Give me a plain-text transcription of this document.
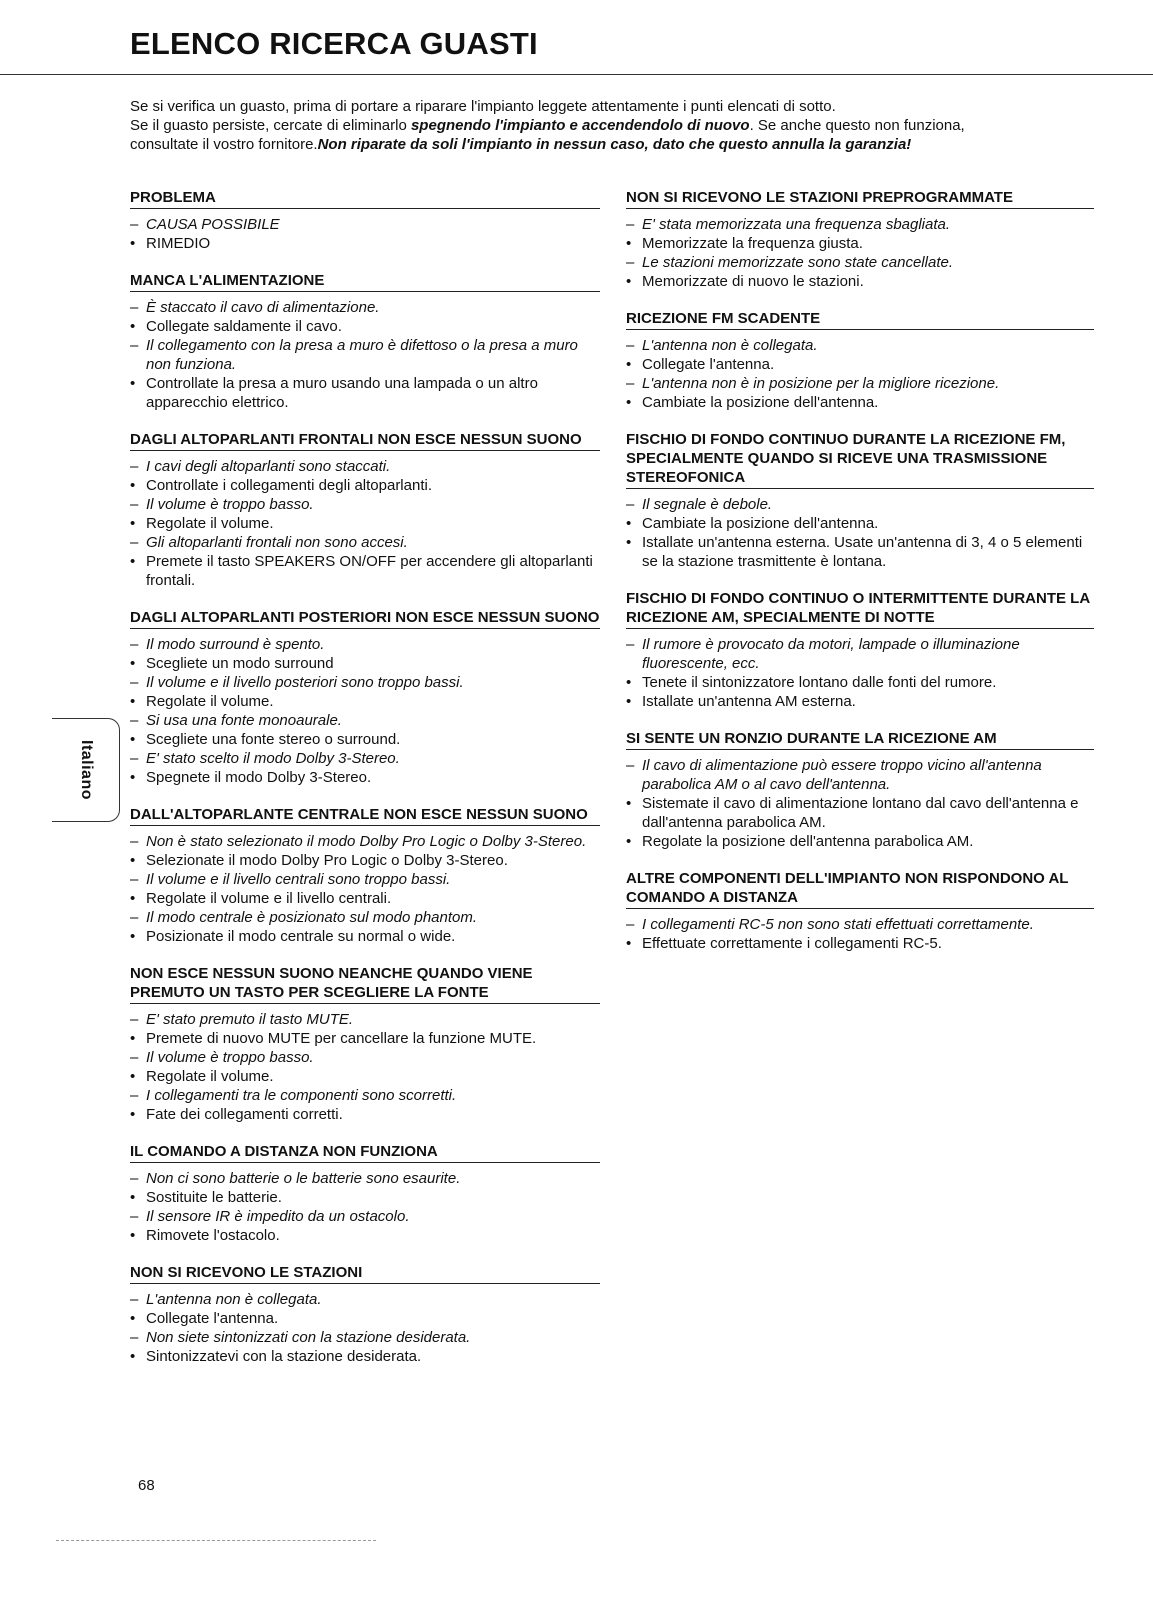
ELENCO RICERCA GUASTI

Se si verifica un guasto, prima di portare a riparare l'impianto leggete attentamente i punti elencati di sotto.

Se il guasto persiste, cercate di eliminarlo spegnendo l'impianto e accendendolo di nuovo. Se anche questo non funziona,

consultate il vostro fornitore.Non riparate da soli l'impianto in nessun caso, dato che questo annulla la garanzia!

PROBLEMA
– CAUSA POSSIBILE
• RIMEDIO
MANCA L'ALIMENTAZIONE
– È staccato il cavo di alimentazione.
• Collegate saldamente il cavo.
– Il collegamento con la presa a muro è difettoso o la presa a muro non funziona.
• Controllate la presa a muro usando una lampada o un altro apparecchio elettrico.
DAGLI ALTOPARLANTI FRONTALI NON ESCE NESSUN SUONO
– I cavi degli altoparlanti sono staccati.
• Controllate i collegamenti degli altoparlanti.
– Il volume è troppo basso.
• Regolate il volume.
– Gli altoparlanti frontali non sono accesi.
• Premete il tasto SPEAKERS ON/OFF per accendere gli altoparlanti frontali.
DAGLI ALTOPARLANTI POSTERIORI NON ESCE NESSUN SUONO
– Il modo surround è spento.
• Scegliete un modo surround
– Il volume e il livello posteriori sono troppo bassi.
• Regolate il volume.
– Si usa una fonte monoaurale.
• Scegliete una fonte stereo o surround.
– E' stato scelto il modo Dolby 3-Stereo.
• Spegnete il modo Dolby 3-Stereo.
DALL'ALTOPARLANTE CENTRALE NON ESCE NESSUN SUONO
– Non è stato selezionato il modo Dolby Pro Logic o Dolby 3-Stereo.
• Selezionate il modo Dolby Pro Logic o Dolby 3-Stereo.
– Il volume e il livello centrali sono troppo bassi.
• Regolate il volume e il livello centrali.
– Il modo centrale è posizionato sul modo phantom.
• Posizionate il modo centrale su normal o wide.
NON ESCE NESSUN SUONO NEANCHE QUANDO VIENE PREMUTO UN TASTO PER SCEGLIERE LA FONTE
– E' stato premuto il tasto MUTE.
• Premete di nuovo MUTE per cancellare la funzione MUTE.
– Il volume è troppo basso.
• Regolate il volume.
– I collegamenti tra le componenti sono scorretti.
• Fate dei collegamenti corretti.
IL COMANDO A DISTANZA NON FUNZIONA
– Non ci sono batterie o le batterie sono esaurite.
• Sostituite le batterie.
– Il sensore IR è impedito da un ostacolo.
• Rimovete l'ostacolo.
NON SI RICEVONO LE STAZIONI
– L'antenna non è collegata.
• Collegate l'antenna.
– Non siete sintonizzati con la stazione desiderata.
• Sintonizzatevi con la stazione desiderata.
NON SI RICEVONO LE STAZIONI PREPROGRAMMATE
– E' stata memorizzata una frequenza sbagliata.
• Memorizzate la frequenza giusta.
– Le stazioni memorizzate sono state cancellate.
• Memorizzate di nuovo le stazioni.
RICEZIONE FM SCADENTE
– L'antenna non è collegata.
• Collegate l'antenna.
– L'antenna non è in posizione per la migliore ricezione.
• Cambiate la posizione dell'antenna.
FISCHIO DI FONDO CONTINUO DURANTE LA RICEZIONE FM, SPECIALMENTE QUANDO SI RICEVE UNA TRASMISSIONE STEREOFONICA
– Il segnale è debole.
• Cambiate la posizione dell'antenna.
• Istallate un'antenna esterna. Usate un'antenna di 3, 4 o 5 elementi se la stazione trasmittente è lontana.
FISCHIO DI FONDO CONTINUO O INTERMITTENTE DURANTE LA RICEZIONE AM, SPECIALMENTE DI NOTTE
– Il rumore è provocato da motori, lampade o illuminazione fluorescente, ecc.
• Tenete il sintonizzatore lontano dalle fonti del rumore.
• Istallate un'antenna AM esterna.
SI SENTE UN RONZIO DURANTE LA RICEZIONE AM
– Il cavo di alimentazione può essere troppo vicino all'antenna parabolica AM o al cavo dell'antenna.
• Sistemate il cavo di alimentazione lontano dal cavo dell'antenna e dall'antenna parabolica AM.
• Regolate la posizione dell'antenna parabolica AM.
ALTRE COMPONENTI DELL'IMPIANTO NON RISPONDONO AL COMANDO A DISTANZA
– I collegamenti RC-5 non sono stati effettuati correttamente.
• Effettuate correttamente i collegamenti RC-5.
Italiano
68
